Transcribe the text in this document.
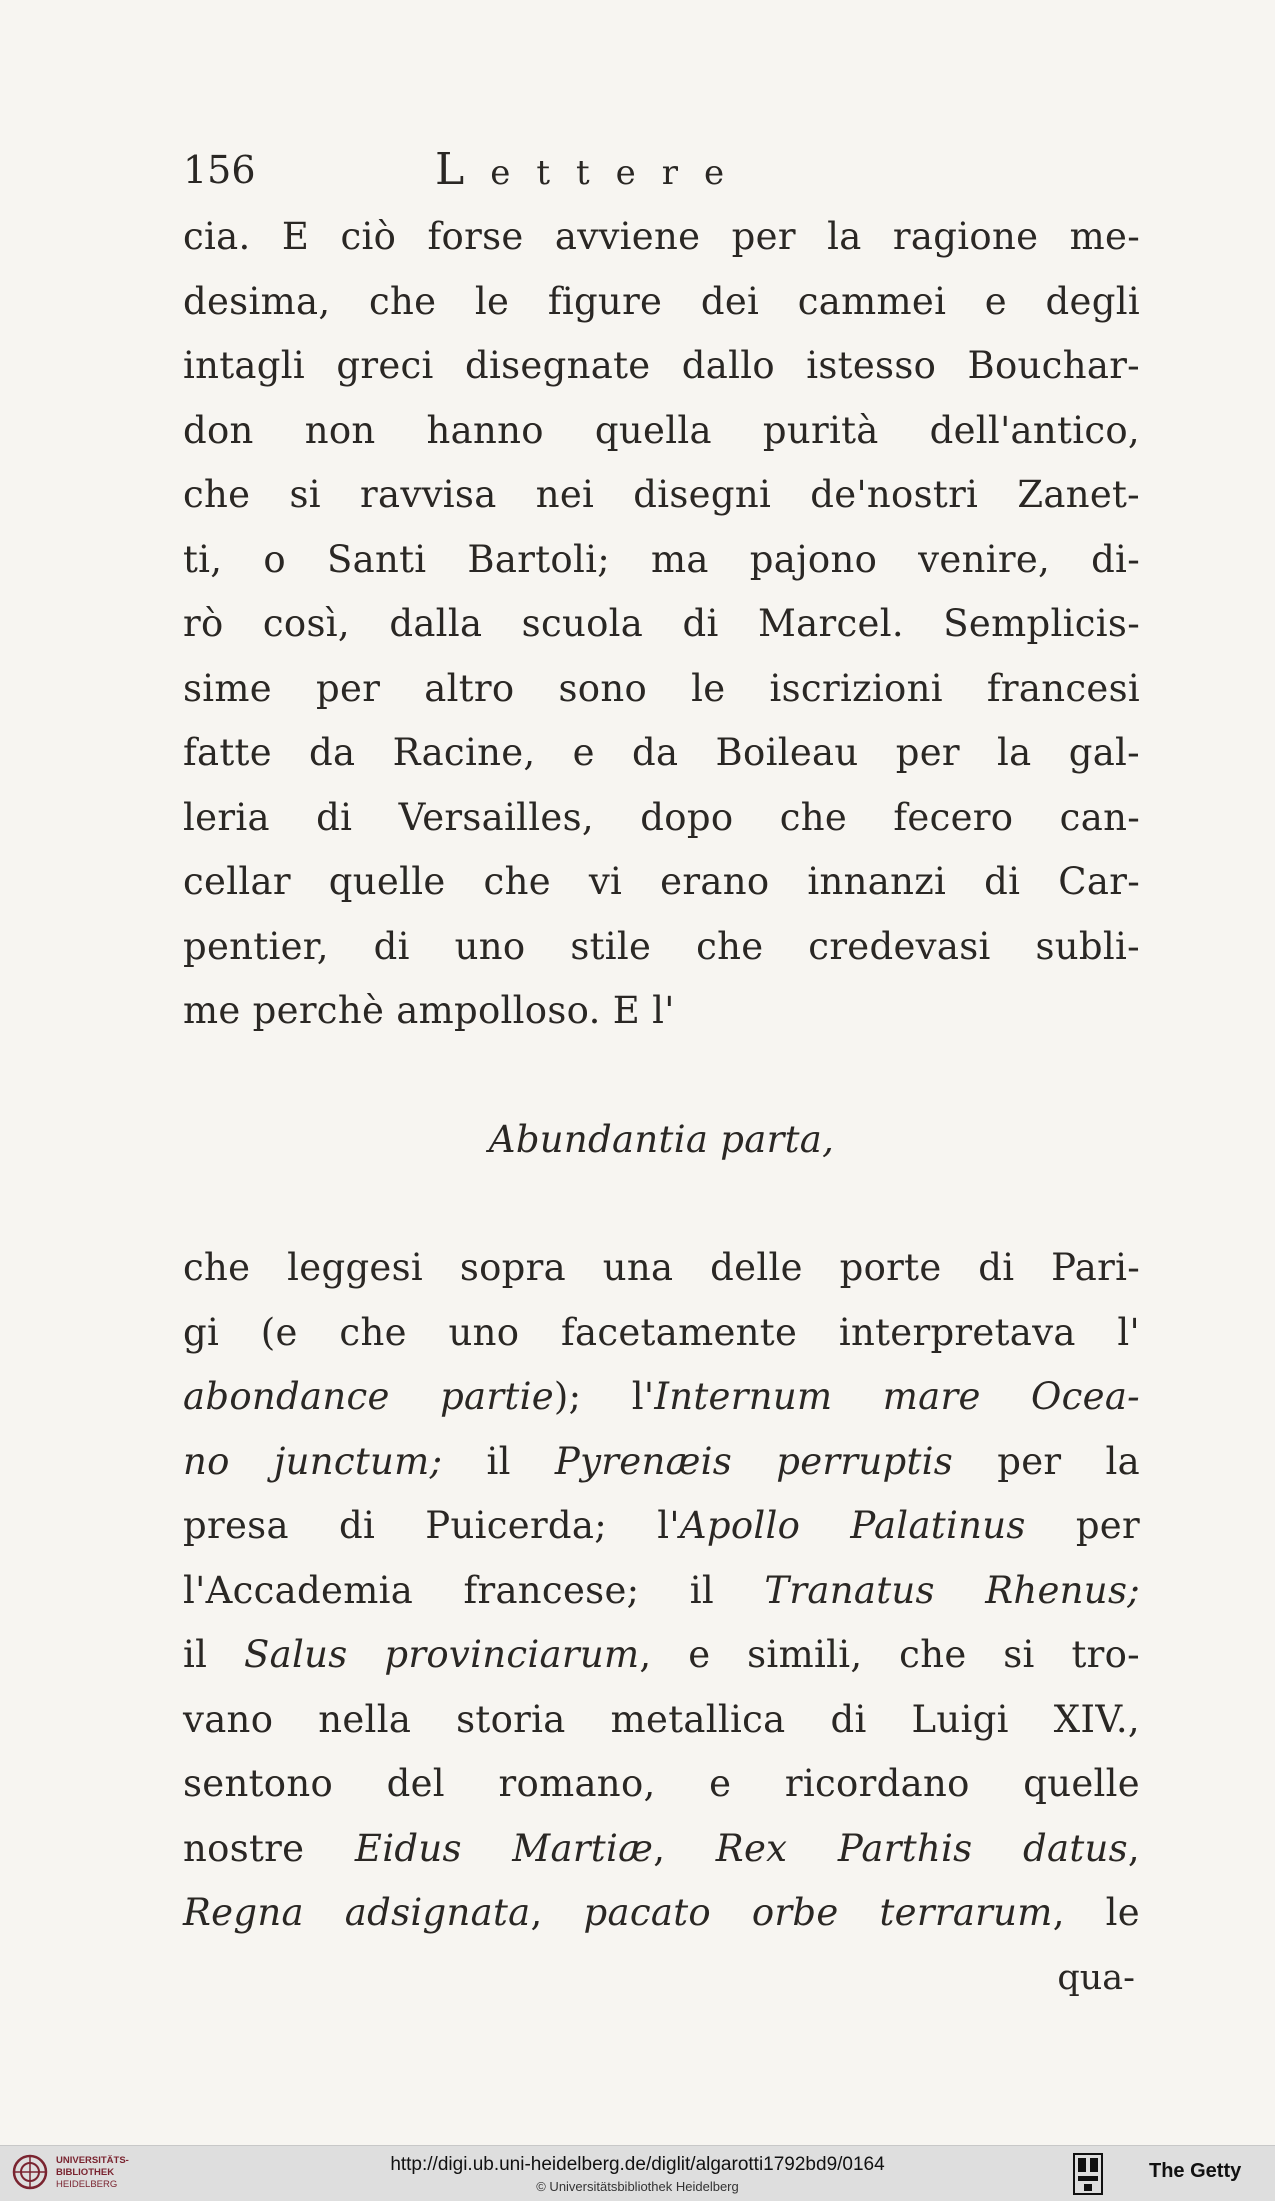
156	Lettere
cia. E ciò forse avviene per la ragione me-
desima, che le figure dei cammei e degli
intagli greci disegnate dallo istesso Bouchar-
don non hanno quella purità dell'antico,
che si ravvisa nei disegni de'nostri Zanet-
ti, o Santi Bartoli; ma pajono venire, di-
rò così, dalla scuola di Marcel. Semplicis-
sime per altro sono le iscrizioni francesi
fatte da Racine, e da Boileau per la gal-
leria di Versailles, dopo che fecero can-
cellar quelle che vi erano innanzi di Car-
pentier, di uno stile che credevasi subli-
me perchè ampolloso. E l'
Abundantia parta,
che leggesi sopra una delle porte di Pari-
gi (e che uno facetamente interpretava l'
abondance partie); l'Internum mare Ocea-
no junctum; il Pyrenæis perruptis per la
presa di Puicerda; l'Apollo Palatinus per
l'Accademia francese; il Tranatus Rhenus;
il Salus provinciarum, e simili, che si tro-
vano nella storia metallica di Luigi XIV.,
sentono del romano, e ricordano quelle
nostre Eidus Martiæ, Rex Parthis datus,
Regna adsignata, pacato orbe terrarum, le
qua-
UNIVERSITÄTS-
BIBLIOTHEK
HEIDELBERG
http://digi.ub.uni-heidelberg.de/diglit/algarotti1792bd9/0164
© Universitätsbibliothek Heidelberg
The Getty
